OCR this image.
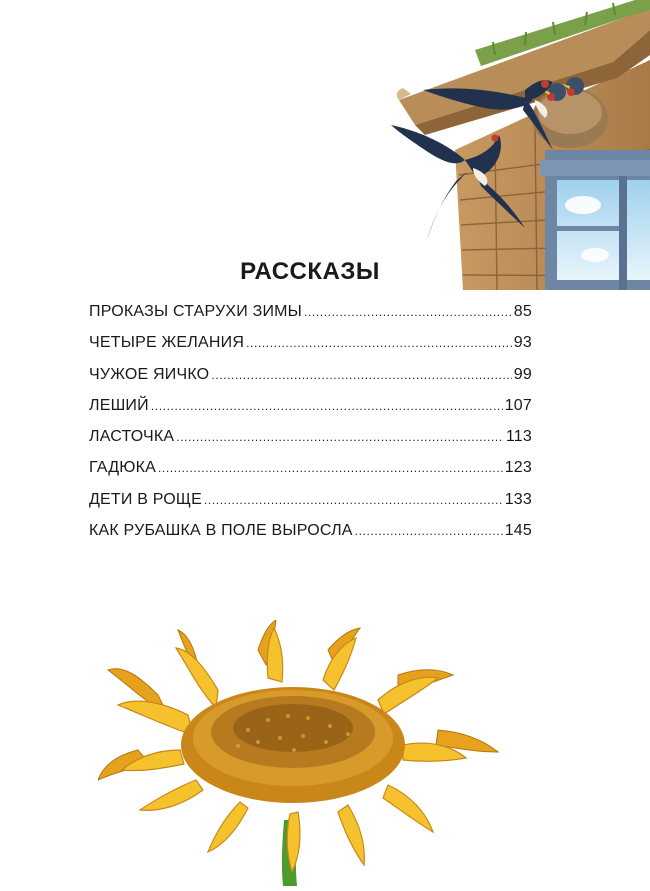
РАССКАЗЫ
ПРОКАЗЫ СТАРУХИ ЗИМЫ .....	85
ЧЕТЫРЕ ЖЕЛАНИЯ .....	93
ЧУЖОЕ ЯИЧКО .....	99
ЛЕШИЙ .....	107
ЛАСТОЧКА .....	113
ГАДЮКА .....	123
ДЕТИ В РОЩЕ .....	133
КАК РУБАШКА В ПОЛЕ ВЫРОСЛА .....	145
